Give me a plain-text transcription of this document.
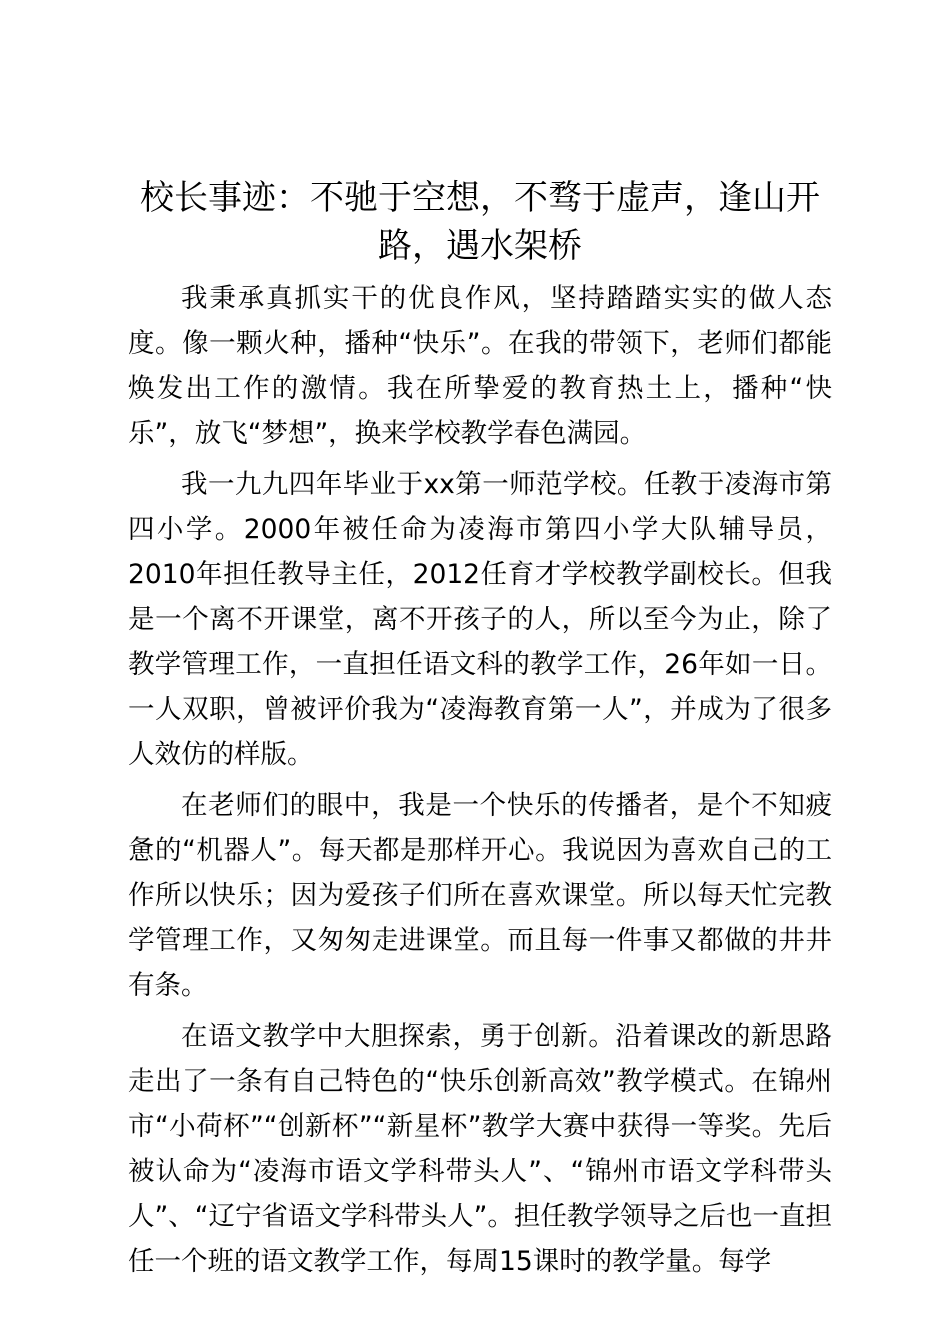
校长事迹：不驰于空想，不骛于虚声，逢山开路，遇水架桥

我秉承真抓实干的优良作风，坚持踏踏实实的做人态度。像一颗火种，播种“快乐”。在我的带领下，老师们都能焕发出工作的激情。我在所挚爱的教育热土上，播种“快乐”，放飞“梦想”，换来学校教学春色满园。

我一九九四年毕业于xx第一师范学校。任教于凌海市第四小学。2000年被任命为凌海市第四小学大队辅导员，2010年担任教导主任，2012任育才学校教学副校长。但我是一个离不开课堂，离不开孩子的人，所以至今为止，除了教学管理工作，一直担任语文科的教学工作，26年如一日。一人双职，曾被评价我为“凌海教育第一人”，并成为了很多人效仿的样版。

在老师们的眼中，我是一个快乐的传播者，是个不知疲惫的“机器人”。每天都是那样开心。我说因为喜欢自己的工作所以快乐；因为爱孩子们所在喜欢课堂。所以每天忙完教学管理工作，又匆匆走进课堂。而且每一件事又都做的井井有条。

在语文教学中大胆探索，勇于创新。沿着课改的新思路走出了一条有自己特色的“快乐创新高效”教学模式。在锦州市“小荷杯”“创新杯”“新星杯”教学大赛中获得一等奖。先后被认命为“凌海市语文学科带头人”、“锦州市语文学科带头人”、“辽宁省语文学科带头人”。担任教学领导之后也一直担任一个班的语文教学工作，每周15课时的教学量。每学
